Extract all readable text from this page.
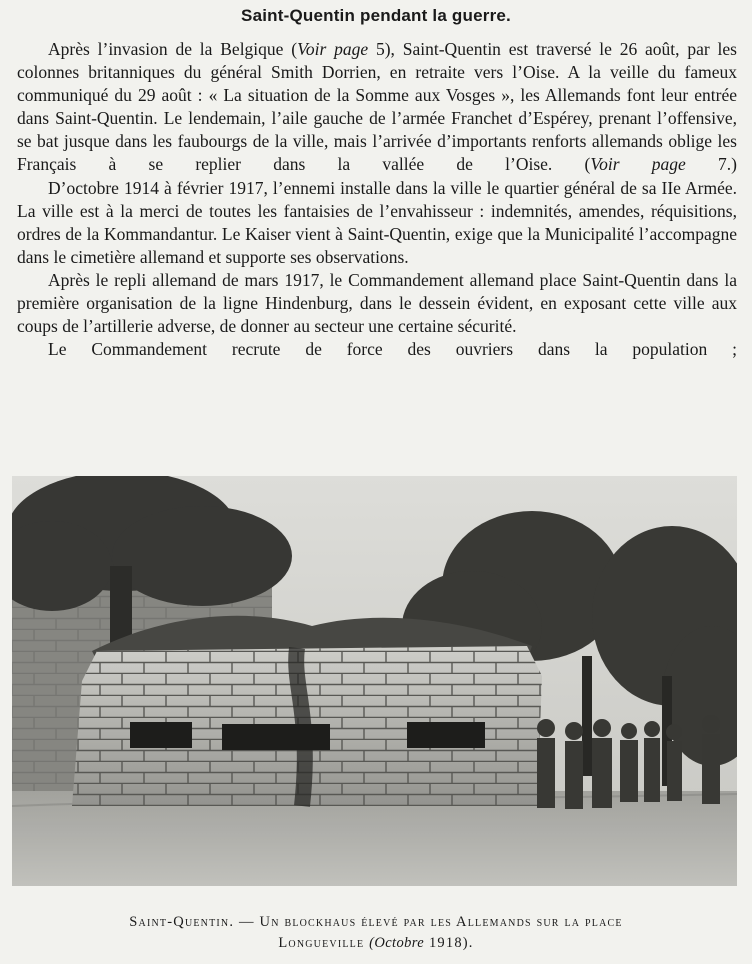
Saint-Quentin pendant la guerre.

Après l’invasion de la Belgique (Voir page 5), Saint-Quentin est traversé le 26 août, par les colonnes britanniques du général Smith Dorrien, en retraite vers l’Oise. A la veille du fameux communiqué du 29 août : « La situation de la Somme aux Vosges », les Allemands font leur entrée dans Saint-Quentin. Le lendemain, l’aile gauche de l’armée Franchet d’Espérey, prenant l’offensive, se bat jusque dans les faubourgs de la ville, mais l’arrivée d’importants renforts allemands oblige les Français à se replier dans la vallée de l’Oise. (Voir page 7.)

D’octobre 1914 à février 1917, l’ennemi installe dans la ville le quartier général de sa IIe Armée. La ville est à la merci de toutes les fantaisies de l’envahisseur : indemnités, amendes, réquisitions, ordres de la Kommandantur. Le Kaiser vient à Saint-Quentin, exige que la Municipalité l’accompagne dans le cimetière allemand et supporte ses observations.

Après le repli allemand de mars 1917, le Commandement allemand place Saint-Quentin dans la première organisation de la ligne Hindenburg, dans le dessein évident, en exposant cette ville aux coups de l’artillerie adverse, de donner au secteur une certaine sécurité.

Le Commandement recrute de force des ouvriers dans la population ;

Saint-Quentin. — Un blockhaus élevé par les Allemands sur la place
Longueville (Octobre 1918).
